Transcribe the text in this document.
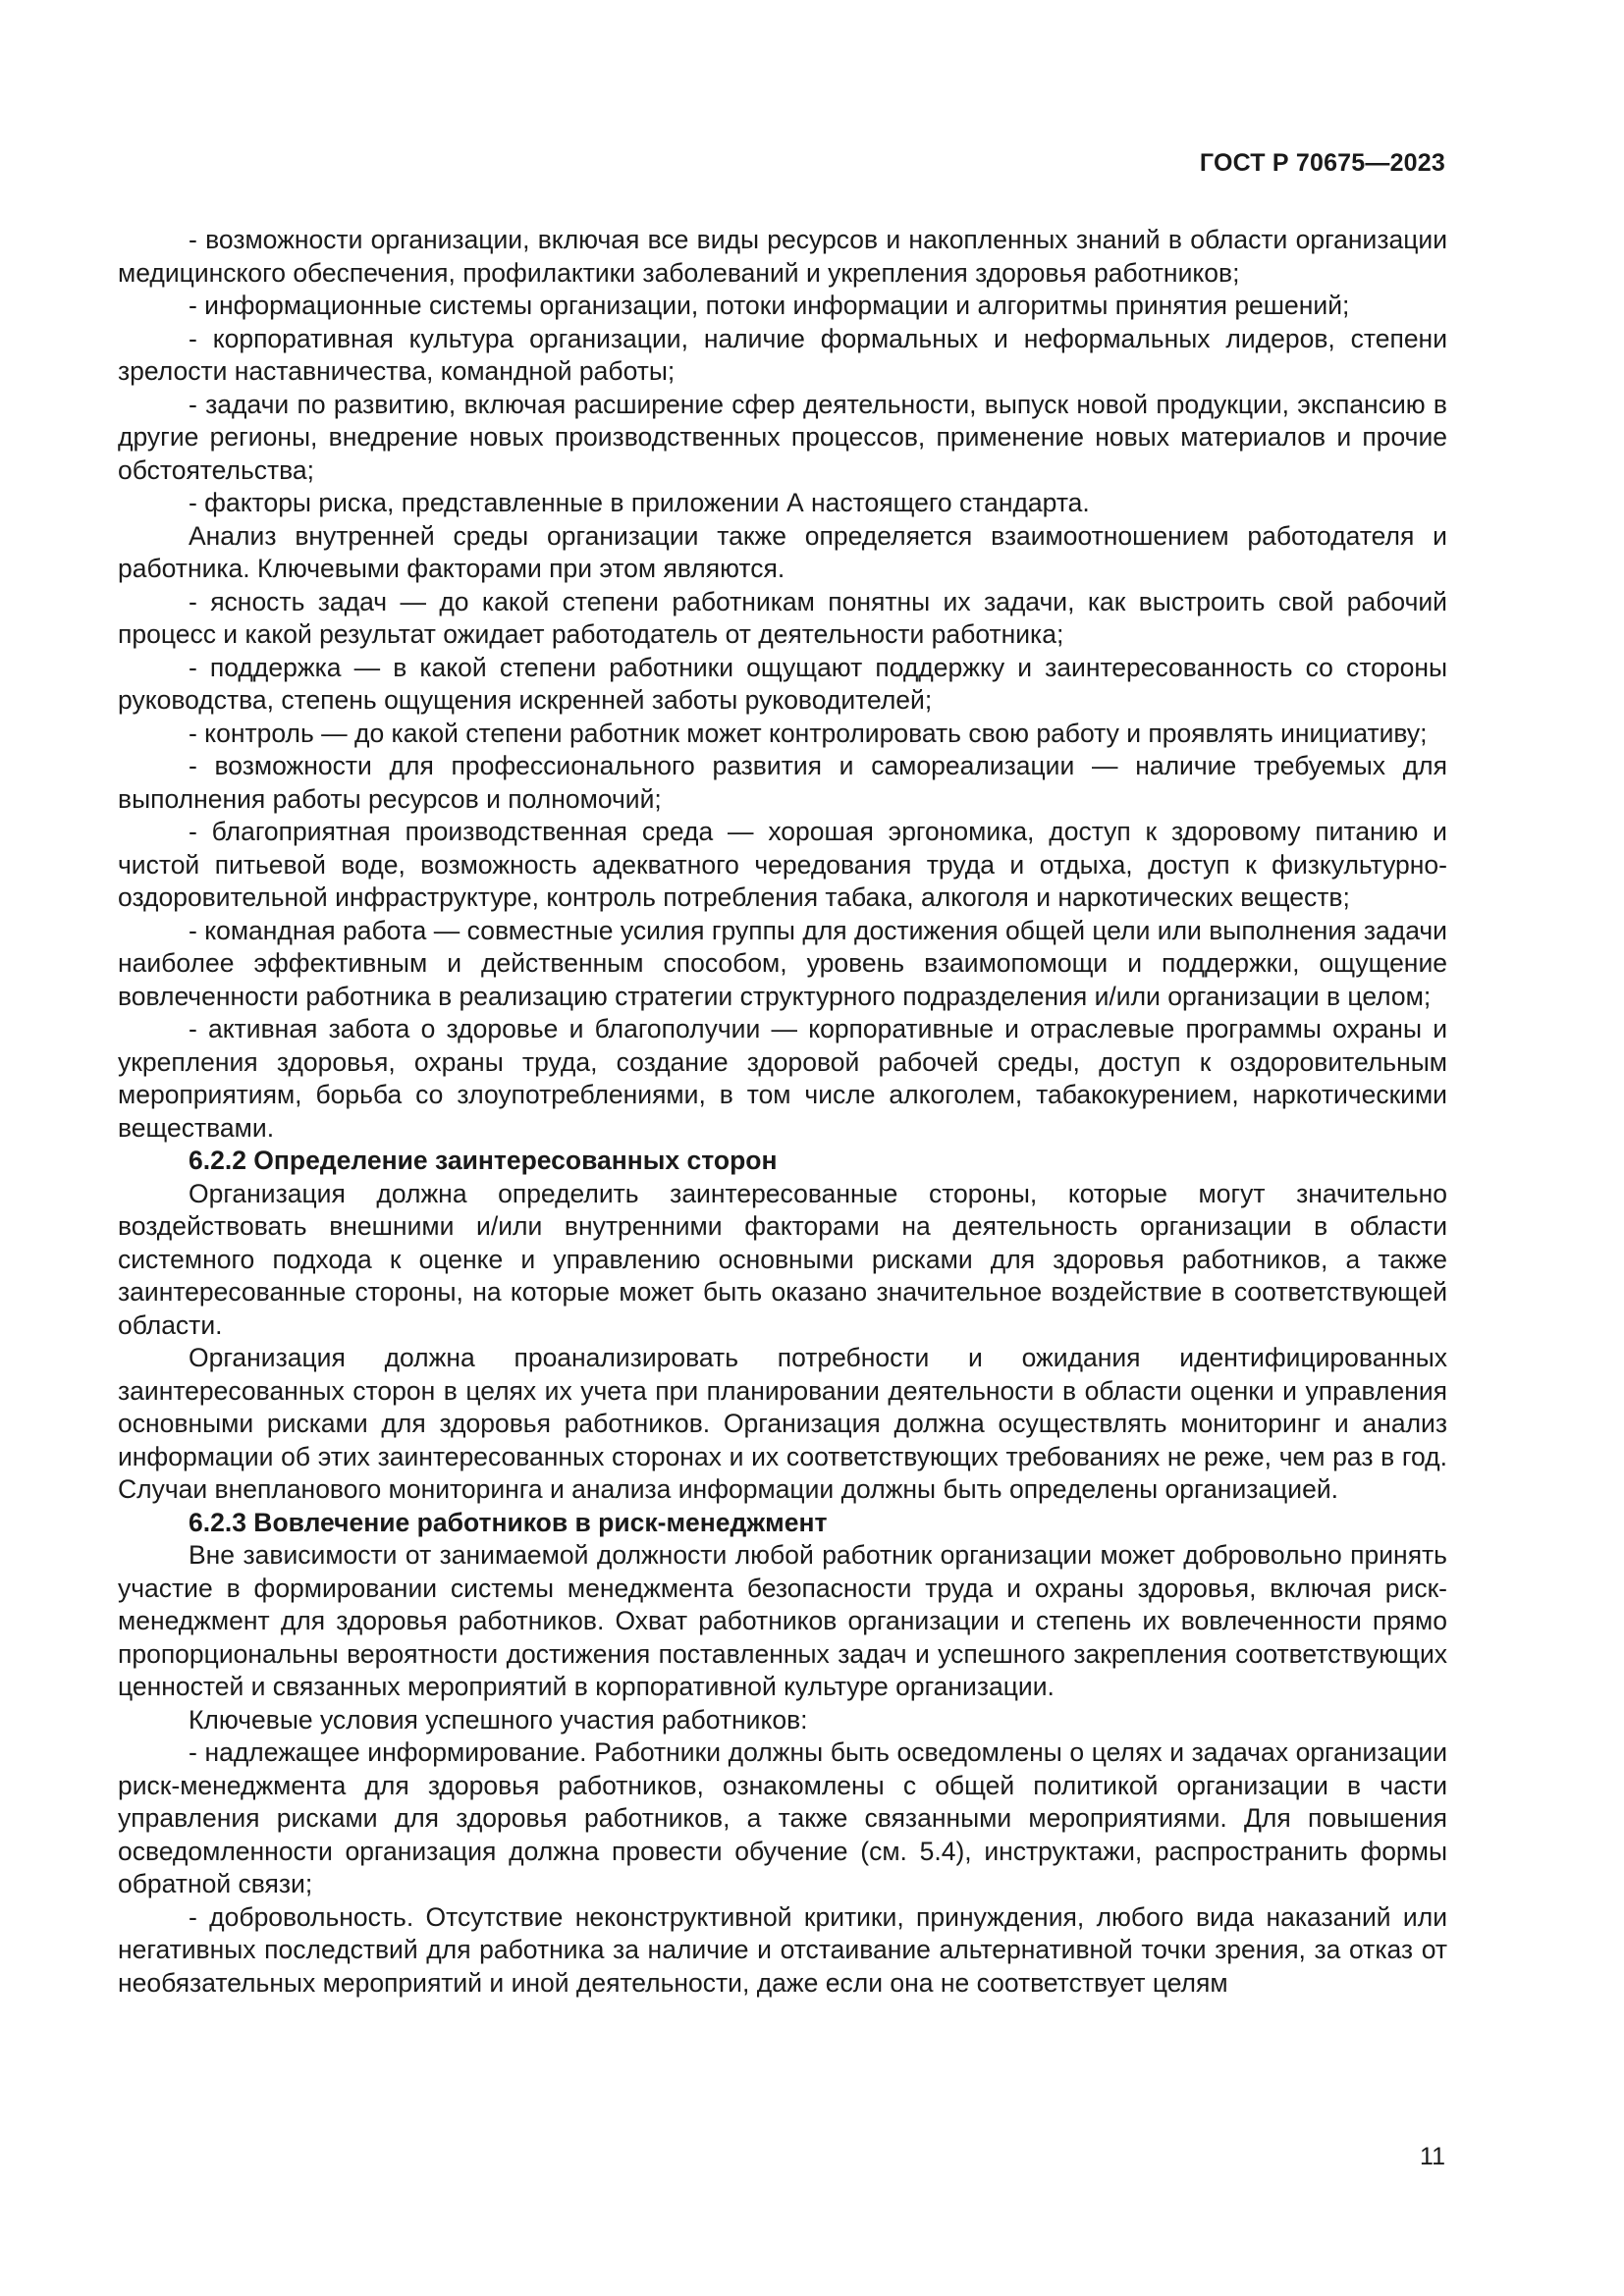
ГОСТ Р 70675—2023

- возможности организации, включая все виды ресурсов и накопленных знаний в области организации медицинского обеспечения, профилактики заболеваний и укрепления здоровья работников;

- информационные системы организации, потоки информации и алгоритмы принятия решений;

- корпоративная культура организации, наличие формальных и неформальных лидеров, степени зрелости наставничества, командной работы;

- задачи по развитию, включая расширение сфер деятельности, выпуск новой продукции, экспансию в другие регионы, внедрение новых производственных процессов, применение новых материалов и прочие обстоятельства;

- факторы риска, представленные в приложении А настоящего стандарта.

Анализ внутренней среды организации также определяется взаимоотношением работодателя и работника. Ключевыми факторами при этом являются.

- ясность задач — до какой степени работникам понятны их задачи, как выстроить свой рабочий процесс и какой результат ожидает работодатель от деятельности работника;

- поддержка — в какой степени работники ощущают поддержку и заинтересованность со стороны руководства, степень ощущения искренней заботы руководителей;

- контроль — до какой степени работник может контролировать свою работу и проявлять инициативу;

- возможности для профессионального развития и самореализации — наличие требуемых для выполнения работы ресурсов и полномочий;

- благоприятная производственная среда — хорошая эргономика, доступ к здоровому питанию и чистой питьевой воде, возможность адекватного чередования труда и отдыха, доступ к физкультурно-оздоровительной инфраструктуре, контроль потребления табака, алкоголя и наркотических веществ;

- командная работа — совместные усилия группы для достижения общей цели или выполнения задачи наиболее эффективным и действенным способом, уровень взаимопомощи и поддержки, ощущение вовлеченности работника в реализацию стратегии структурного подразделения и/или организации в целом;

- активная забота о здоровье и благополучии — корпоративные и отраслевые программы охраны и укрепления здоровья, охраны труда, создание здоровой рабочей среды, доступ к оздоровительным мероприятиям, борьба со злоупотреблениями, в том числе алкоголем, табакокурением, наркотическими веществами.

6.2.2 Определение заинтересованных сторон

Организация должна определить заинтересованные стороны, которые могут значительно воздействовать внешними и/или внутренними факторами на деятельность организации в области системного подхода к оценке и управлению основными рисками для здоровья работников, а также заинтересованные стороны, на которые может быть оказано значительное воздействие в соответствующей области.

Организация должна проанализировать потребности и ожидания идентифицированных заинтересованных сторон в целях их учета при планировании деятельности в области оценки и управления основными рисками для здоровья работников. Организация должна осуществлять мониторинг и анализ информации об этих заинтересованных сторонах и их соответствующих требованиях не реже, чем раз в год. Случаи внепланового мониторинга и анализа информации должны быть определены организацией.

6.2.3 Вовлечение работников в риск-менеджмент

Вне зависимости от занимаемой должности любой работник организации может добровольно принять участие в формировании системы менеджмента безопасности труда и охраны здоровья, включая риск-менеджмент для здоровья работников. Охват работников организации и степень их вовлеченности прямо пропорциональны вероятности достижения поставленных задач и успешного закрепления соответствующих ценностей и связанных мероприятий в корпоративной культуре организации.

Ключевые условия успешного участия работников:

- надлежащее информирование. Работники должны быть осведомлены о целях и задачах организации риск-менеджмента для здоровья работников, ознакомлены с общей политикой организации в части управления рисками для здоровья работников, а также связанными мероприятиями. Для повышения осведомленности организация должна провести обучение (см. 5.4), инструктажи, распространить формы обратной связи;

- добровольность. Отсутствие неконструктивной критики, принуждения, любого вида наказаний или негативных последствий для работника за наличие и отстаивание альтернативной точки зрения, за отказ от необязательных мероприятий и иной деятельности, даже если она не соответствует целям

11
